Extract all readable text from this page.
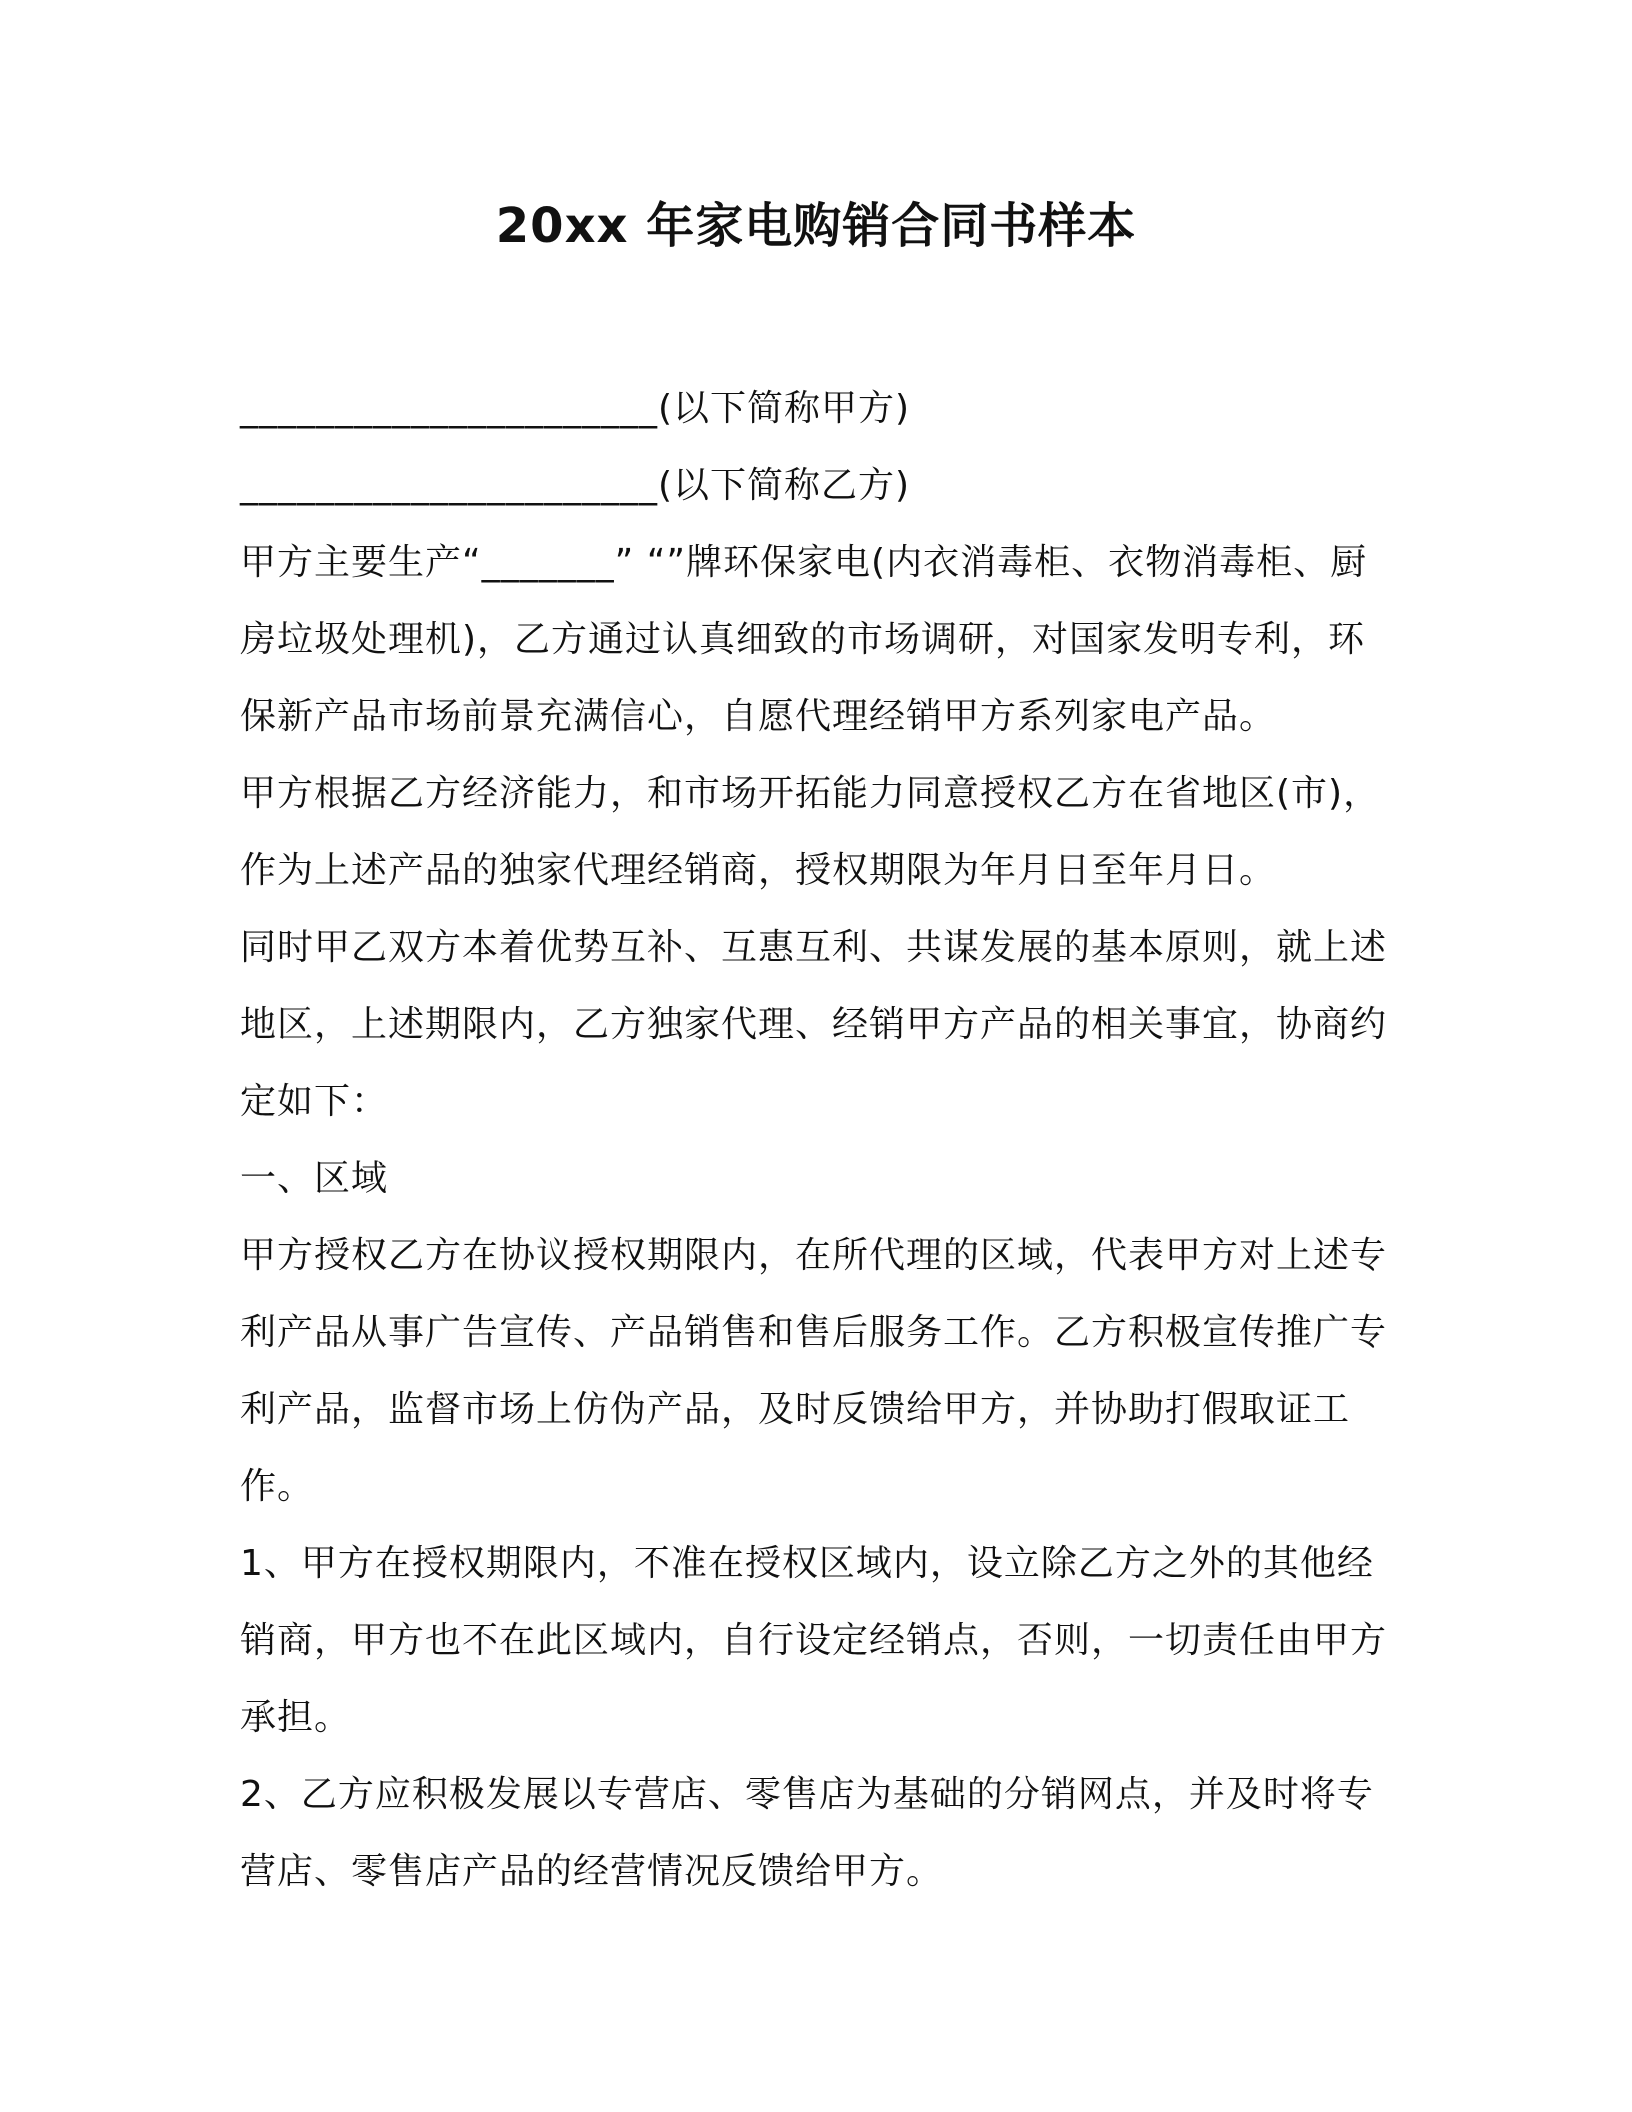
20xx 年家电购销合同书样本

______________________(以下简称甲方)

______________________(以下简称乙方)

甲方主要生产“_______” “”牌环保家电(内衣消毒柜、衣物消毒柜、厨房垃圾处理机)，乙方通过认真细致的市场调研，对国家发明专利，环保新产品市场前景充满信心，自愿代理经销甲方系列家电产品。

甲方根据乙方经济能力，和市场开拓能力同意授权乙方在省地区(市)，作为上述产品的独家代理经销商，授权期限为年月日至年月日。

同时甲乙双方本着优势互补、互惠互利、共谋发展的基本原则，就上述地区，上述期限内，乙方独家代理、经销甲方产品的相关事宜，协商约定如下：

一、区域

甲方授权乙方在协议授权期限内，在所代理的区域，代表甲方对上述专利产品从事广告宣传、产品销售和售后服务工作。乙方积极宣传推广专利产品，监督市场上仿伪产品，及时反馈给甲方，并协助打假取证工作。

1、甲方在授权期限内，不准在授权区域内，设立除乙方之外的其他经销商，甲方也不在此区域内，自行设定经销点，否则，一切责任由甲方承担。

2、乙方应积极发展以专营店、零售店为基础的分销网点，并及时将专营店、零售店产品的经营情况反馈给甲方。
